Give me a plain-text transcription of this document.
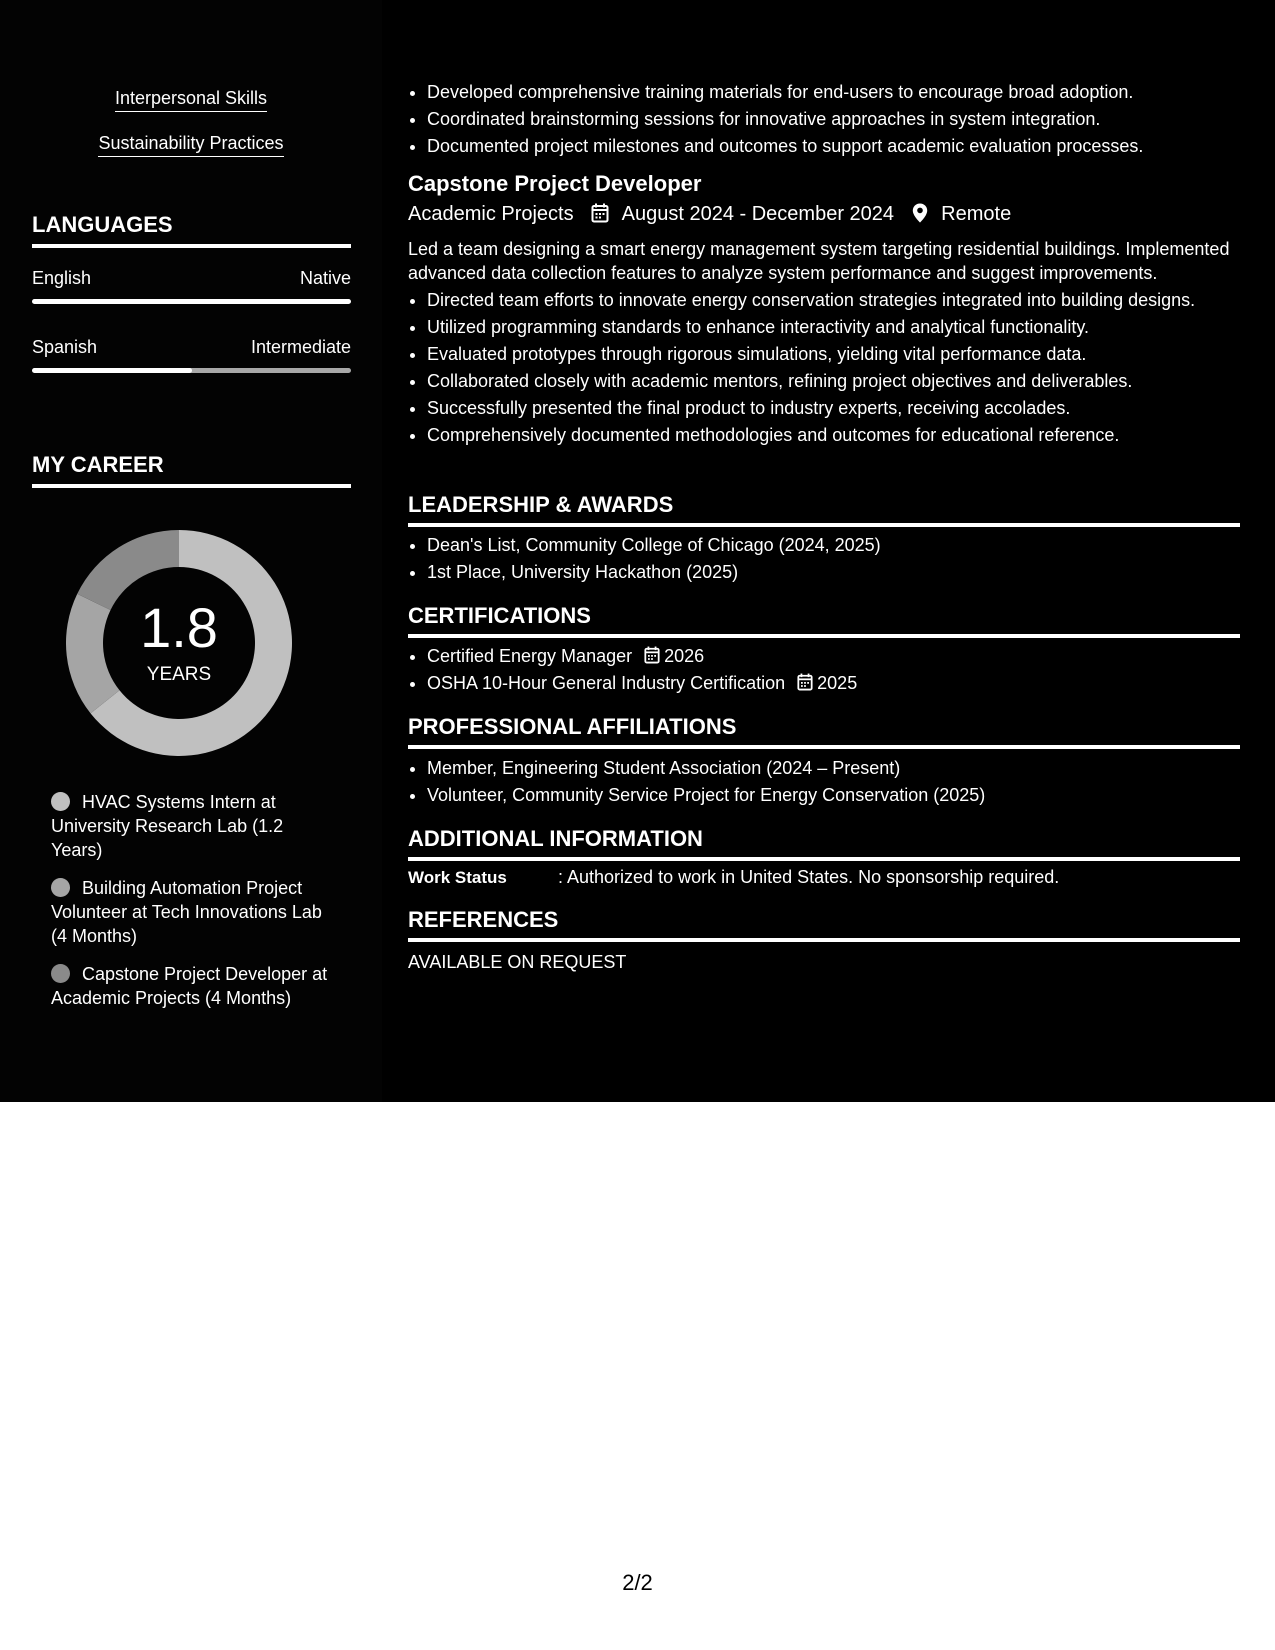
Interpersonal Skills
Sustainability Practices
LANGUAGES
English	Native
Spanish	Intermediate
MY CAREER
1.8
YEARS
HVAC Systems Intern at University Research Lab (1.2 Years)
Building Automation Project Volunteer at Tech Innovations Lab (4 Months)
Capstone Project Developer at Academic Projects (4 Months)
• Developed comprehensive training materials for end-users to encourage broad adoption.
• Coordinated brainstorming sessions for innovative approaches in system integration.
• Documented project milestones and outcomes to support academic evaluation processes.
Capstone Project Developer
Academic Projects August 2024 - December 2024 Remote
Led a team designing a smart energy management system targeting residential buildings. Implemented advanced data collection features to analyze system performance and suggest improvements.
• Directed team efforts to innovate energy conservation strategies integrated into building designs.
• Utilized programming standards to enhance interactivity and analytical functionality.
• Evaluated prototypes through rigorous simulations, yielding vital performance data.
• Collaborated closely with academic mentors, refining project objectives and deliverables.
• Successfully presented the final product to industry experts, receiving accolades.
• Comprehensively documented methodologies and outcomes for educational reference.
LEADERSHIP & AWARDS
• Dean's List, Community College of Chicago (2024, 2025)
• 1st Place, University Hackathon (2025)
CERTIFICATIONS
• Certified Energy Manager 2026
• OSHA 10-Hour General Industry Certification 2025
PROFESSIONAL AFFILIATIONS
• Member, Engineering Student Association (2024 – Present)
• Volunteer, Community Service Project for Energy Conservation (2025)
ADDITIONAL INFORMATION
Work Status	: Authorized to work in United States. No sponsorship required.
REFERENCES
AVAILABLE ON REQUEST
2/2
